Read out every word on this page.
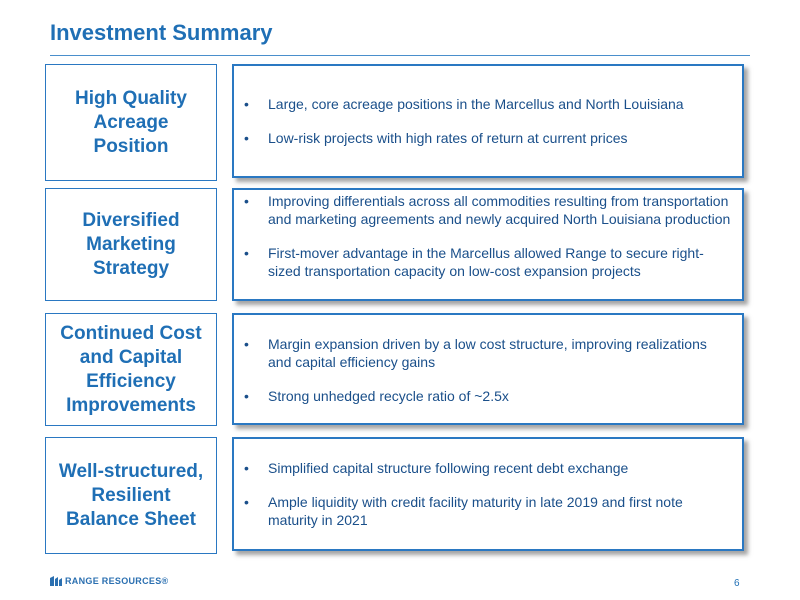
Investment Summary
High Quality
Acreage
Position
• Large, core acreage positions in the Marcellus and North Louisiana
• Low-risk projects with high rates of return at current prices
Diversified
Marketing
Strategy
• Improving differentials across all commodities resulting from transportation and marketing agreements and newly acquired North Louisiana production
• First-mover advantage in the Marcellus allowed Range to secure right-sized transportation capacity on low-cost expansion projects
Continued Cost
and Capital
Efficiency
Improvements
• Margin expansion driven by a low cost structure, improving realizations and capital efficiency gains
• Strong unhedged recycle ratio of ~2.5x
Well-structured,
Resilient
Balance Sheet
• Simplified capital structure following recent debt exchange
• Ample liquidity with credit facility maturity in late 2019 and first note maturity in 2021
RANGE RESOURCES®	6
